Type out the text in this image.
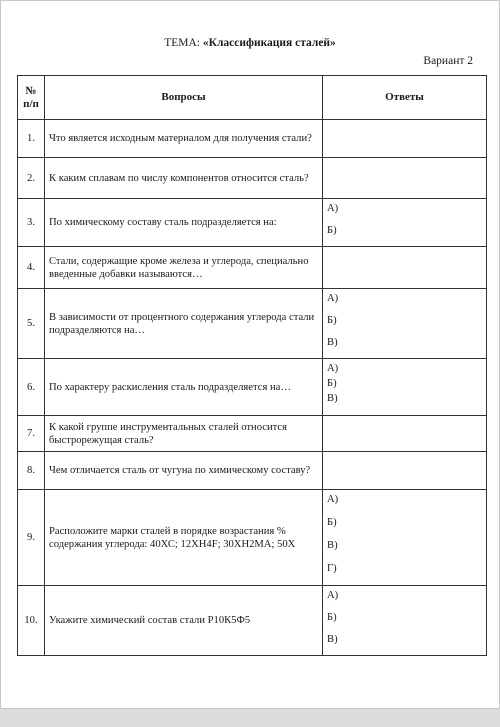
ТЕМА: «Классификация сталей»
Вариант 2
№
п/п	Вопросы	Ответы
1.	Что является исходным материалом для получения стали?	
2.	К каким сплавам по числу компонентов относится сталь?	
3.	По химическому составу сталь подразделяется на:	А)
Б)

4.	Стали, содержащие кроме железа и углерода, специально введенные добавки называются…	
5.	В зависимости от процентного содержания углерода стали подразделяются на…	А)
Б)
В)

6.	По характеру раскисления сталь подразделяется на…	А)
Б)
В)

7.	К какой группе инструментальных сталей относится быстрорежущая сталь?	
8.	Чем отличается сталь от чугуна по химическому составу?	
9.	Расположите марки сталей в порядке возрастания % содержания углерода: 40ХС; 12ХН4F; 30ХН2МА; 50Х	А)
Б)
В)
Г)

10.	Укажите химический состав стали Р10К5Ф5	А)
Б)
В)
